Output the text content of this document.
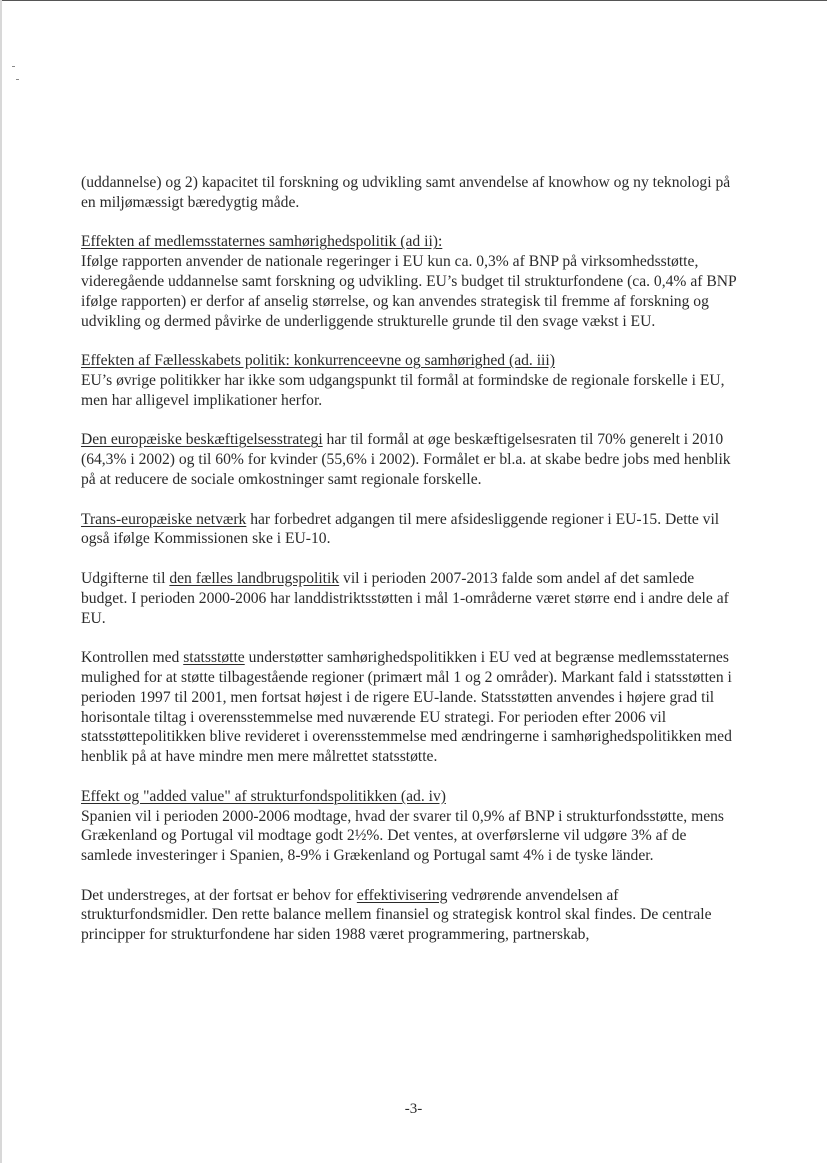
(uddannelse) og 2) kapacitet til forskning og udvikling samt anvendelse af knowhow og ny teknologi på en miljømæssigt bæredygtig måde.

Effekten af medlemsstaternes samhørighedspolitik (ad ii):
Ifølge rapporten anvender de nationale regeringer i EU kun ca. 0,3% af BNP på virksomhedsstøtte, videregående uddannelse samt forskning og udvikling. EU’s budget til strukturfondene (ca. 0,4% af BNP ifølge rapporten) er derfor af anselig størrelse, og kan anvendes strategisk til fremme af forskning og udvikling og dermed påvirke de underliggende strukturelle grunde til den svage vækst i EU.

Effekten af Fællesskabets politik: konkurrenceevne og samhørighed (ad. iii)
EU’s øvrige politikker har ikke som udgangspunkt til formål at formindske de regionale forskelle i EU, men har alligevel implikationer herfor.

Den europæiske beskæftigelsesstrategi har til formål at øge beskæftigelsesraten til 70% generelt i 2010 (64,3% i 2002) og til 60% for kvinder (55,6% i 2002). Formålet er bl.a. at skabe bedre jobs med henblik på at reducere de sociale omkostninger samt regionale forskelle.

Trans-europæiske netværk har forbedret adgangen til mere afsidesliggende regioner i EU-15. Dette vil også ifølge Kommissionen ske i EU-10.

Udgifterne til den fælles landbrugspolitik vil i perioden 2007-2013 falde som andel af det samlede budget. I perioden 2000-2006 har landdistriktsstøtten i mål 1-områderne været større end i andre dele af EU.

Kontrollen med statsstøtte understøtter samhørighedspolitikken i EU ved at begrænse medlemsstaternes mulighed for at støtte tilbagestående regioner (primært mål 1 og 2 områder). Markant fald i statsstøtten i perioden 1997 til 2001, men fortsat højest i de rigere EU-lande. Statsstøtten anvendes i højere grad til horisontale tiltag i overensstemmelse med nuværende EU strategi. For perioden efter 2006 vil statsstøttepolitikken blive revideret i overensstemmelse med ændringerne i samhørighedspolitikken med henblik på at have mindre men mere målrettet statsstøtte.

Effekt og "added value" af strukturfondspolitikken (ad. iv)
Spanien vil i perioden 2000-2006 modtage, hvad der svarer til 0,9% af BNP i strukturfondsstøtte, mens Grækenland og Portugal vil modtage godt 2½%. Det ventes, at overførslerne vil udgøre 3% af de samlede investeringer i Spanien, 8-9% i Grækenland og Portugal samt 4% i de tyske länder.

Det understreges, at der fortsat er behov for effektivisering vedrørende anvendelsen af strukturfondsmidler. Den rette balance mellem finansiel og strategisk kontrol skal findes. De centrale principper for strukturfondene har siden 1988 været programmering, partnerskab,

-3-
